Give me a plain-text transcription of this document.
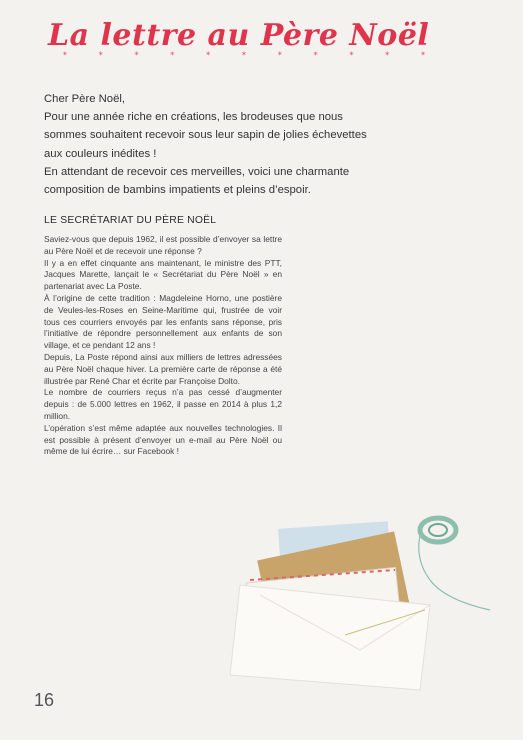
La lettre au Père Noël
✶ ✶ ✶ ✶ ✶ ✶ ✶ ✶ ✶ ✶ ✶

Cher Père Noël,

Pour une année riche en créations, les brodeuses que nous sommes souhaitent recevoir sous leur sapin de jolies échevettes aux couleurs inédites !

En attendant de recevoir ces merveilles, voici une charmante composition de bambins impatients et pleins d’espoir.

LE SECRÉTARIAT DU PÈRE NOËL

Saviez-vous que depuis 1962, il est possible d’envoyer sa lettre au Père Noël et de recevoir une réponse ?

Il y a en effet cinquante ans maintenant, le ministre des PTT, Jacques Marette, lançait le « Secrétariat du Père Noël » en partenariat avec La Poste.

À l’origine de cette tradition : Magdeleine Horno, une postière de Veules-les-Roses en Seine-Maritime qui, frustrée de voir tous ces courriers envoyés par les enfants sans réponse, pris l’initiative de répondre personnellement aux enfants de son village, et ce pendant 12 ans !

Depuis, La Poste répond ainsi aux milliers de lettres adressées au Père Noël chaque hiver. La première carte de réponse a été illustrée par René Char et écrite par Françoise Dolto.

Le nombre de courriers reçus n’a pas cessé d’augmenter depuis : de 5.000 lettres en 1962, il passe en 2014 à plus 1,2 million.

L’opération s’est même adaptée aux nouvelles technologies. Il est possible à présent d’envoyer un e-mail au Père Noël ou même de lui écrire… sur Facebook !

16
